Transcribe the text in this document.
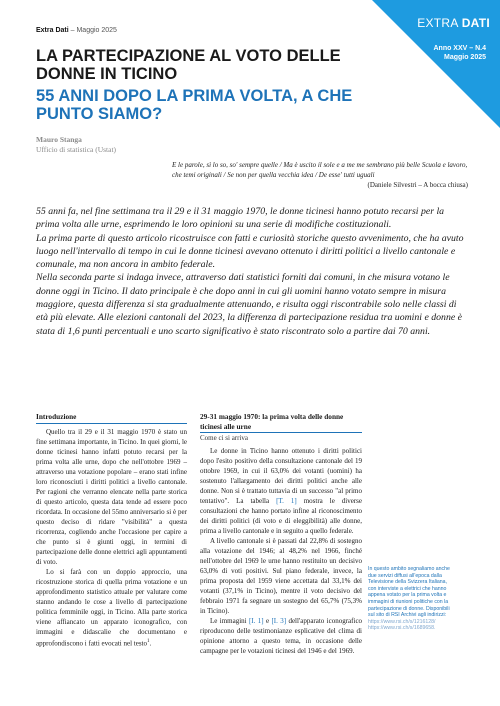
Extra Dati – Maggio 2025
EXTRA DATI
Anno XXV – N.4
Maggio 2025
LA PARTECIPAZIONE AL VOTO DELLE DONNE IN TICINO
55 ANNI DOPO LA PRIMA VOLTA, A CHE PUNTO SIAMO?
Mauro Stanga
Ufficio di statistica (Ustat)
E le parole, sì lo so, so' sempre quelle / Ma è uscito il sole e a me me sembrano più belle Scuola e lavoro, che temi originali / Se non per quella vecchia idea / De esse' tutti uguali
(Daniele Silvestri – A bocca chiusa)

55 anni fa, nel fine settimana tra il 29 e il 31 maggio 1970, le donne ticinesi hanno potuto recarsi per la prima volta alle urne, esprimendo le loro opinioni su una serie di modifiche costituzionali.

La prima parte di questo articolo ricostruisce con fatti e curiosità storiche questo avvenimento, che ha avuto luogo nell'intervallo di tempo in cui le donne ticinesi avevano ottenuto i diritti politici a livello cantonale e comunale, ma non ancora in ambito federale.

Nella seconda parte si indaga invece, attraverso dati statistici forniti dai comuni, in che misura votano le donne oggi in Ticino. Il dato principale è che dopo anni in cui gli uomini hanno votato sempre in misura maggiore, questa differenza si sta gradualmente attenuando, e risulta oggi riscontrabile solo nelle classi di età più elevate. Alle elezioni cantonali del 2023, la differenza di partecipazione residua tra uomini e donne è stata di 1,6 punti percentuali e uno scarto significativo è stato riscontrato solo a partire dai 70 anni.

Introduzione

Quello tra il 29 e il 31 maggio 1970 è stato un fine settimana importante, in Ticino. In quei giorni, le donne ticinesi hanno infatti potuto recarsi per la prima volta alle urne, dopo che nell'ottobre 1969 – attraverso una votazione popolare – erano stati infine loro riconosciuti i diritti politici a livello cantonale. Per ragioni che verranno elencate nella parte storica di questo articolo, questa data tende ad essere poco ricordata. In occasione del 55mo anniversario si è per questo deciso di ridare "visibilità" a questa ricorrenza, cogliendo anche l'occasione per capire a che punto si è giunti oggi, in termini di partecipazione delle donne elettrici agli appuntamenti di voto.

Lo si farà con un doppio approccio, una ricostruzione storica di quella prima votazione e un approfondimento statistico attuale per valutare come stanno andando le cose a livello di partecipazione politica femminile oggi, in Ticino. Alla parte storica viene affiancato un apparato iconografico, con immagini e didascalie che documentano e approfondiscono i fatti evocati nel testo$^1$.

29-31 maggio 1970: la prima volta delle donne ticinesi alle urne
Come ci si arriva

Le donne in Ticino hanno ottenuto i diritti politici dopo l'esito positivo della consultazione cantonale del 19 ottobre 1969, in cui il 63,0% dei votanti (uomini) ha sostenuto l'allargamento dei diritti politici anche alle donne. Non si è trattato tuttavia di un successo "al primo tentativo". La tabella [T. 1] mostra le diverse consultazioni che hanno portato infine al riconoscimento dei diritti politici (di voto e di eleggibilità) alle donne, prima a livello cantonale e in seguito a quello federale.

A livello cantonale si è passati dal 22,8% di sostegno alla votazione del 1946; al 48,2% nel 1966, finché nell'ottobre del 1969 le urne hanno restituito un decisivo 63,0% di voti positivi. Sul piano federale, invece, la prima proposta del 1959 viene accettata dal 33,1% dei votanti (37,1% in Ticino), mentre il voto decisivo del febbraio 1971 fa segnare un sostegno del 65,7% (75,3% in Ticino).

Le immagini [I. 1] e [I. 3] dell'apparato iconografico riproducono delle testimonianze esplicative del clima di opinione attorno a questo tema, in occasione delle campagne per le votazioni ticinesi del 1946 e del 1969.

In questo ambito segnaliamo anche due servizi diffusi all'epoca dalla Televisione della Svizzera Italiana, con interviste a elettrici che hanno appena votato per la prima volta e immagini di riunioni politiche con la partecipazione di donne. Disponibili sul sito di RSI Archivi agli indirizzi: https://www.rsi.ch/s/1216128/ https://www.rsi.ch/s/1689658.
